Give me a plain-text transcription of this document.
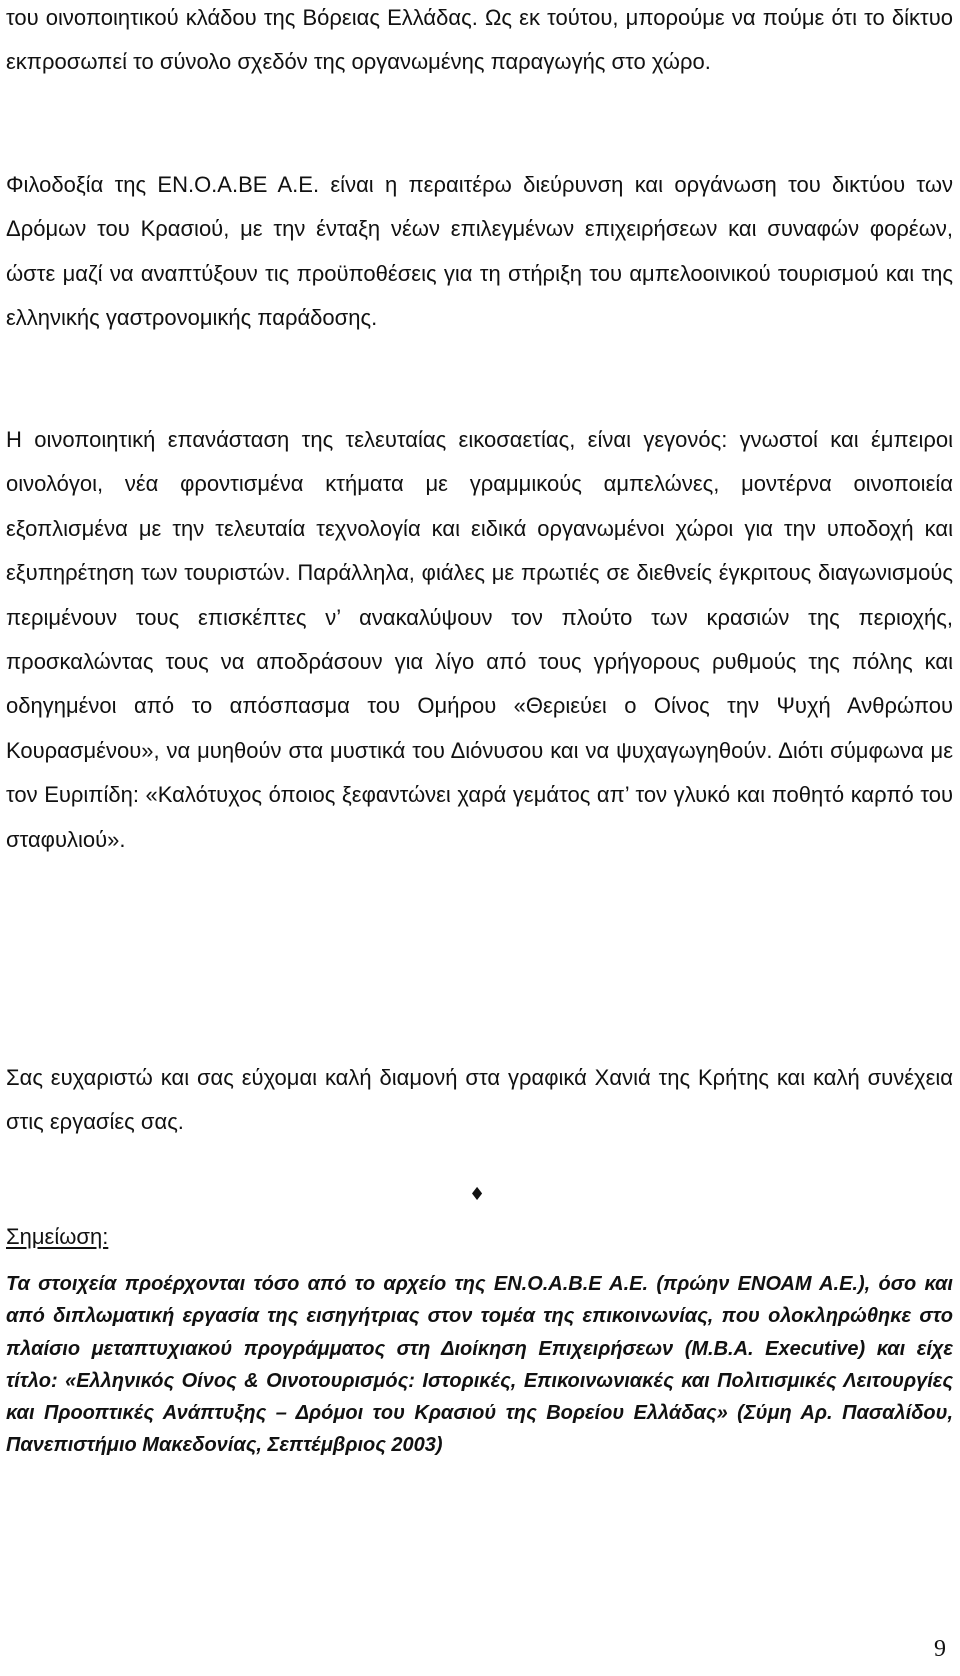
του οινοποιητικού κλάδου της Βόρειας Ελλάδας. Ως εκ τούτου, μπορούμε να πούμε ότι το δίκτυο εκπροσωπεί το σύνολο σχεδόν της οργανωμένης παραγωγής στο χώρο.

Φιλοδοξία της ΕΝ.Ο.Α.ΒΕ Α.Ε. είναι η περαιτέρω διεύρυνση και οργάνωση του δικτύου των Δρόμων του Κρασιού, με την ένταξη νέων επιλεγμένων επιχειρήσεων και συναφών φορέων, ώστε μαζί να αναπτύξουν τις προϋποθέσεις για τη στήριξη του αμπελοοινικού τουρισμού και της ελληνικής γαστρονομικής παράδοσης.

Η οινοποιητική επανάσταση της τελευταίας εικοσαετίας, είναι γεγονός: γνωστοί και έμπειροι οινολόγοι, νέα φροντισμένα κτήματα με γραμμικούς αμπελώνες, μοντέρνα οινοποιεία εξοπλισμένα με την τελευταία τεχνολογία και ειδικά οργανωμένοι χώροι για την υποδοχή και εξυπηρέτηση των τουριστών. Παράλληλα, φιάλες με πρωτιές σε διεθνείς έγκριτους διαγωνισμούς περιμένουν τους επισκέπτες ν’ ανακαλύψουν τον πλούτο των κρασιών της περιοχής, προσκαλώντας τους να αποδράσουν για λίγο από τους γρήγορους ρυθμούς της πόλης και οδηγημένοι από το απόσπασμα του Ομήρου «Θεριεύει ο Οίνος την Ψυχή Ανθρώπου Κουρασμένου», να μυηθούν στα μυστικά του Διόνυσου και να ψυχαγωγηθούν. Διότι σύμφωνα με τον Ευριπίδη: «Καλότυχος όποιος ξεφαντώνει χαρά γεμάτος απ’ τον γλυκό και ποθητό καρπό του σταφυλιού».

Σας ευχαριστώ και σας εύχομαι καλή διαμονή στα γραφικά Χανιά της Κρήτης και καλή συνέχεια στις εργασίες σας.

♦
Σημείωση:

Τα στοιχεία προέρχονται τόσο από το αρχείο της ΕΝ.Ο.Α.Β.Ε Α.Ε. (πρώην ΕΝΟΑΜ Α.Ε.), όσο και από διπλωματική εργασία της εισηγήτριας στον τομέα της επικοινωνίας, που ολοκληρώθηκε στο πλαίσιο μεταπτυχιακού προγράμματος στη Διοίκηση Επιχειρήσεων (Μ.Β.Α. Executive) και είχε τίτλο: «Ελληνικός Οίνος & Οινοτουρισμός: Ιστορικές, Επικοινωνιακές και Πολιτισμικές Λειτουργίες και Προοπτικές Ανάπτυξης – Δρόμοι του Κρασιού της Βορείου Ελλάδας» (Σύμη Αρ. Πασαλίδου, Πανεπιστήμιο Μακεδονίας, Σεπτέμβριος 2003)

9
